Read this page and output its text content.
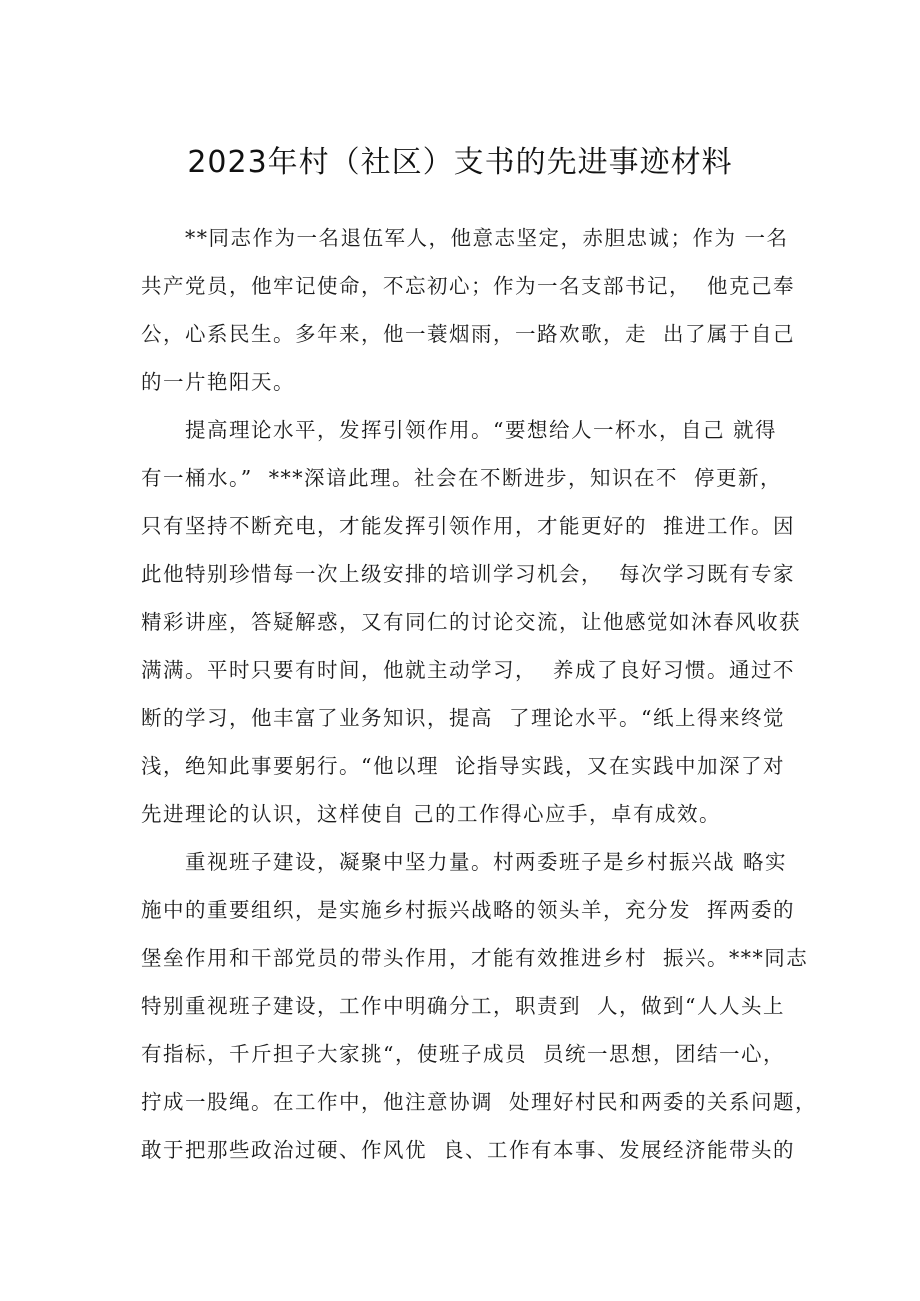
2023年村（社区）支书的先进事迹材料
**同志作为一名退伍军人，他意志坚定，赤胆忠诚；作为 一名
共产党员，他牢记使命，不忘初心；作为一名支部书记，  他克己奉
公，心系民生。多年来，他一蓑烟雨，一路欢歌，走  出了属于自己
的一片艳阳天。
提高理论水平，发挥引领作用。“要想给人一杯水，自己 就得
有一桶水。”  ***深谙此理。社会在不断进步，知识在不  停更新，
只有坚持不断充电，才能发挥引领作用，才能更好的  推进工作。因
此他特别珍惜每一次上级安排的培训学习机会，  每次学习既有专家
精彩讲座，答疑解惑，又有同仁的讨论交流，让他感觉如沐春风收获
满满。平时只要有时间，他就主动学习，  养成了良好习惯。通过不
断的学习，他丰富了业务知识，提高  了理论水平。“纸上得来终觉
浅，绝知此事要躬行。“他以理  论指导实践，又在实践中加深了对
先进理论的认识，这样使自 己的工作得心应手，卓有成效。
重视班子建设，凝聚中坚力量。村两委班子是乡村振兴战 略实
施中的重要组织，是实施乡村振兴战略的领头羊，充分发  挥两委的
堡垒作用和干部党员的带头作用，才能有效推进乡村  振兴。***同志
特别重视班子建设，工作中明确分工，职责到  人，做到“人人头上
有指标，千斤担子大家挑“，使班子成员  员统一思想，团结一心，
拧成一股绳。在工作中，他注意协调  处理好村民和两委的关系问题，
敢于把那些政治过硬、作风优  良、工作有本事、发展经济能带头的
